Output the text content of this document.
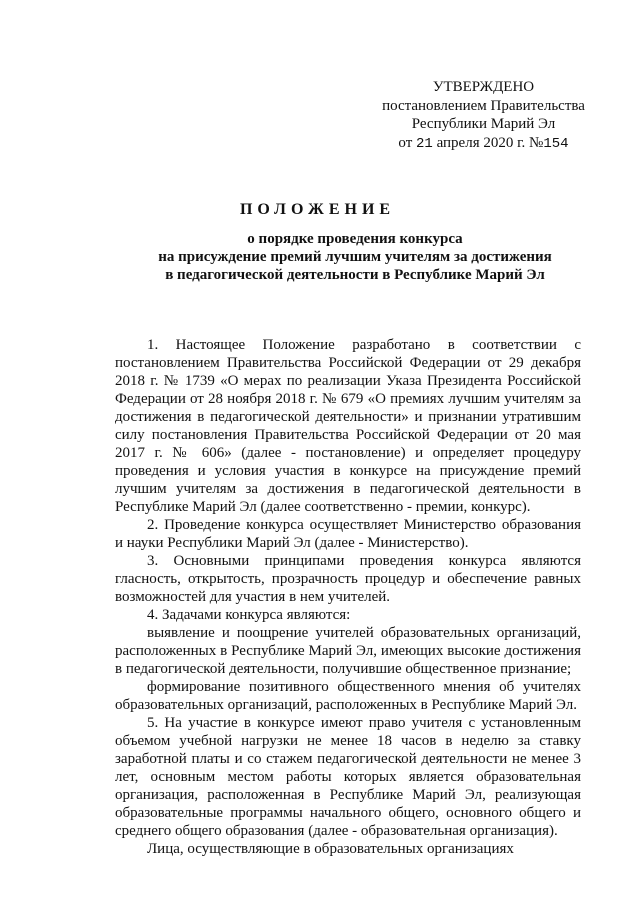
УТВЕРЖДЕНО
постановлением Правительства
Республики Марий Эл
от 21 апреля 2020 г. №154
ПОЛОЖЕНИЕ
о порядке проведения конкурса
на присуждение премий лучшим учителям за достижения
в педагогической деятельности в Республике Марий Эл

1. Настоящее Положение разработано в соответствии с постановлением Правительства Российской Федерации от 29 декабря 2018 г. № 1739 «О мерах по реализации Указа Президента Российской Федерации от 28 ноября 2018 г. № 679 «О премиях лучшим учителям за достижения в педагогической деятельности» и признании утратившим силу постановления Правительства Российской Федерации от 20 мая 2017 г. № 606» (далее - постановление) и определяет процедуру проведения и условия участия в конкурсе на присуждение премий лучшим учителям за достижения в педагогической деятельности в Республике Марий Эл (далее соответственно - премии, конкурс).

2. Проведение конкурса осуществляет Министерство образования и науки Республики Марий Эл (далее - Министерство).

3. Основными принципами проведения конкурса являются гласность, открытость, прозрачность процедур и обеспечение равных возможностей для участия в нем учителей.

4. Задачами конкурса являются:

выявление и поощрение учителей образовательных организаций, расположенных в Республике Марий Эл, имеющих высокие достижения в педагогической деятельности, получившие общественное признание;

формирование позитивного общественного мнения об учителях образовательных организаций, расположенных в Республике Марий Эл.

5. На участие в конкурсе имеют право учителя с установленным объемом учебной нагрузки не менее 18 часов в неделю за ставку заработной платы и со стажем педагогической деятельности не менее 3 лет, основным местом работы которых является образовательная организация, расположенная в Республике Марий Эл, реализующая образовательные программы начального общего, основного общего и среднего общего образования (далее - образовательная организация).

Лица, осуществляющие в образовательных организациях
